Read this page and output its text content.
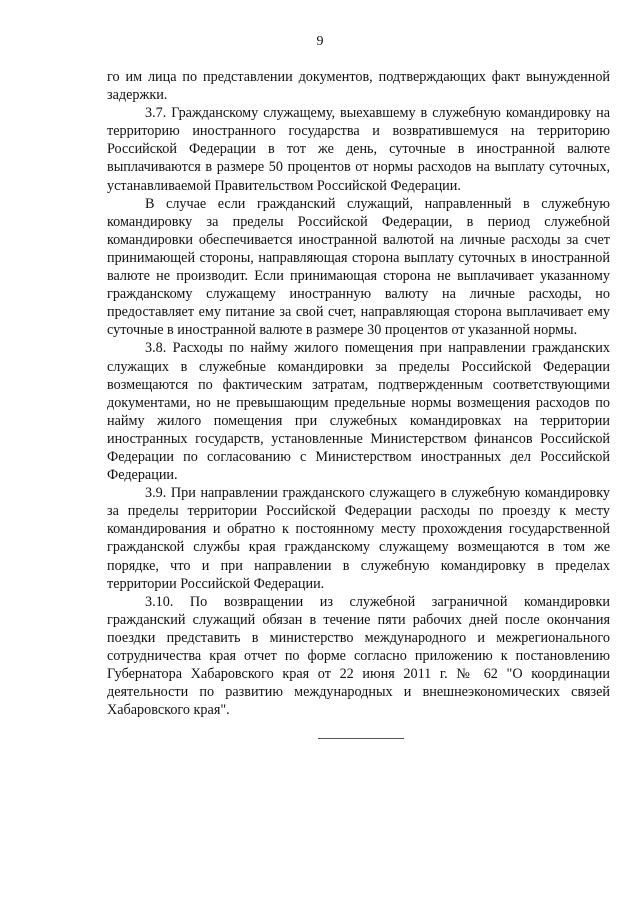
9

го им лица по представлении документов, подтверждающих факт вынужденной задержки.

3.7. Гражданскому служащему, выехавшему в служебную командировку на территорию иностранного государства и возвратившемуся на территорию Российской Федерации в тот же день, суточные в иностранной валюте выплачиваются в размере 50 процентов от нормы расходов на выплату суточных, устанавливаемой Правительством Российской Федерации.

В случае если гражданский служащий, направленный в служебную командировку за пределы Российской Федерации, в период служебной командировки обеспечивается иностранной валютой на личные расходы за счет принимающей стороны, направляющая сторона выплату суточных в иностранной валюте не производит. Если принимающая сторона не выплачивает указанному гражданскому служащему иностранную валюту на личные расходы, но предоставляет ему питание за свой счет, направляющая сторона выплачивает ему суточные в иностранной валюте в размере 30 процентов от указанной нормы.

3.8. Расходы по найму жилого помещения при направлении гражданских служащих в служебные командировки за пределы Российской Федерации возмещаются по фактическим затратам, подтвержденным соответствующими документами, но не превышающим предельные нормы возмещения расходов по найму жилого помещения при служебных командировках на территории иностранных государств, установленные Министерством финансов Российской Федерации по согласованию с Министерством иностранных дел Российской Федерации.

3.9. При направлении гражданского служащего в служебную командировку за пределы территории Российской Федерации расходы по проезду к месту командирования и обратно к постоянному месту прохождения государственной гражданской службы края гражданскому служащему возмещаются в том же порядке, что и при направлении в служебную командировку в пределах территории Российской Федерации.

3.10. По возвращении из служебной заграничной командировки гражданский служащий обязан в течение пяти рабочих дней после окончания поездки представить в министерство международного и межрегионального сотрудничества края отчет по форме согласно приложению к постановлению Губернатора Хабаровского края от 22 июня 2011 г. № 62 "О координации деятельности по развитию международных и внешнеэкономических связей Хабаровского края".
